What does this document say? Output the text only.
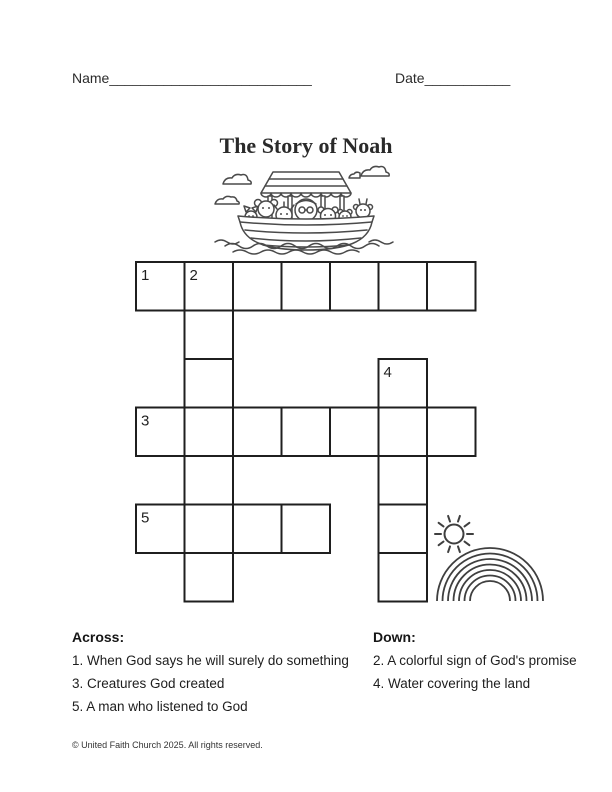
Name__________________________	Date___________
The Story of Noah
1	2
3
4
5
Across:
1. When God says he will surely do something
3. Creatures God created
5. A man who listened to God
Down:
2. A colorful sign of God's promise
4. Water covering the land
© United Faith Church 2025. All rights reserved.
